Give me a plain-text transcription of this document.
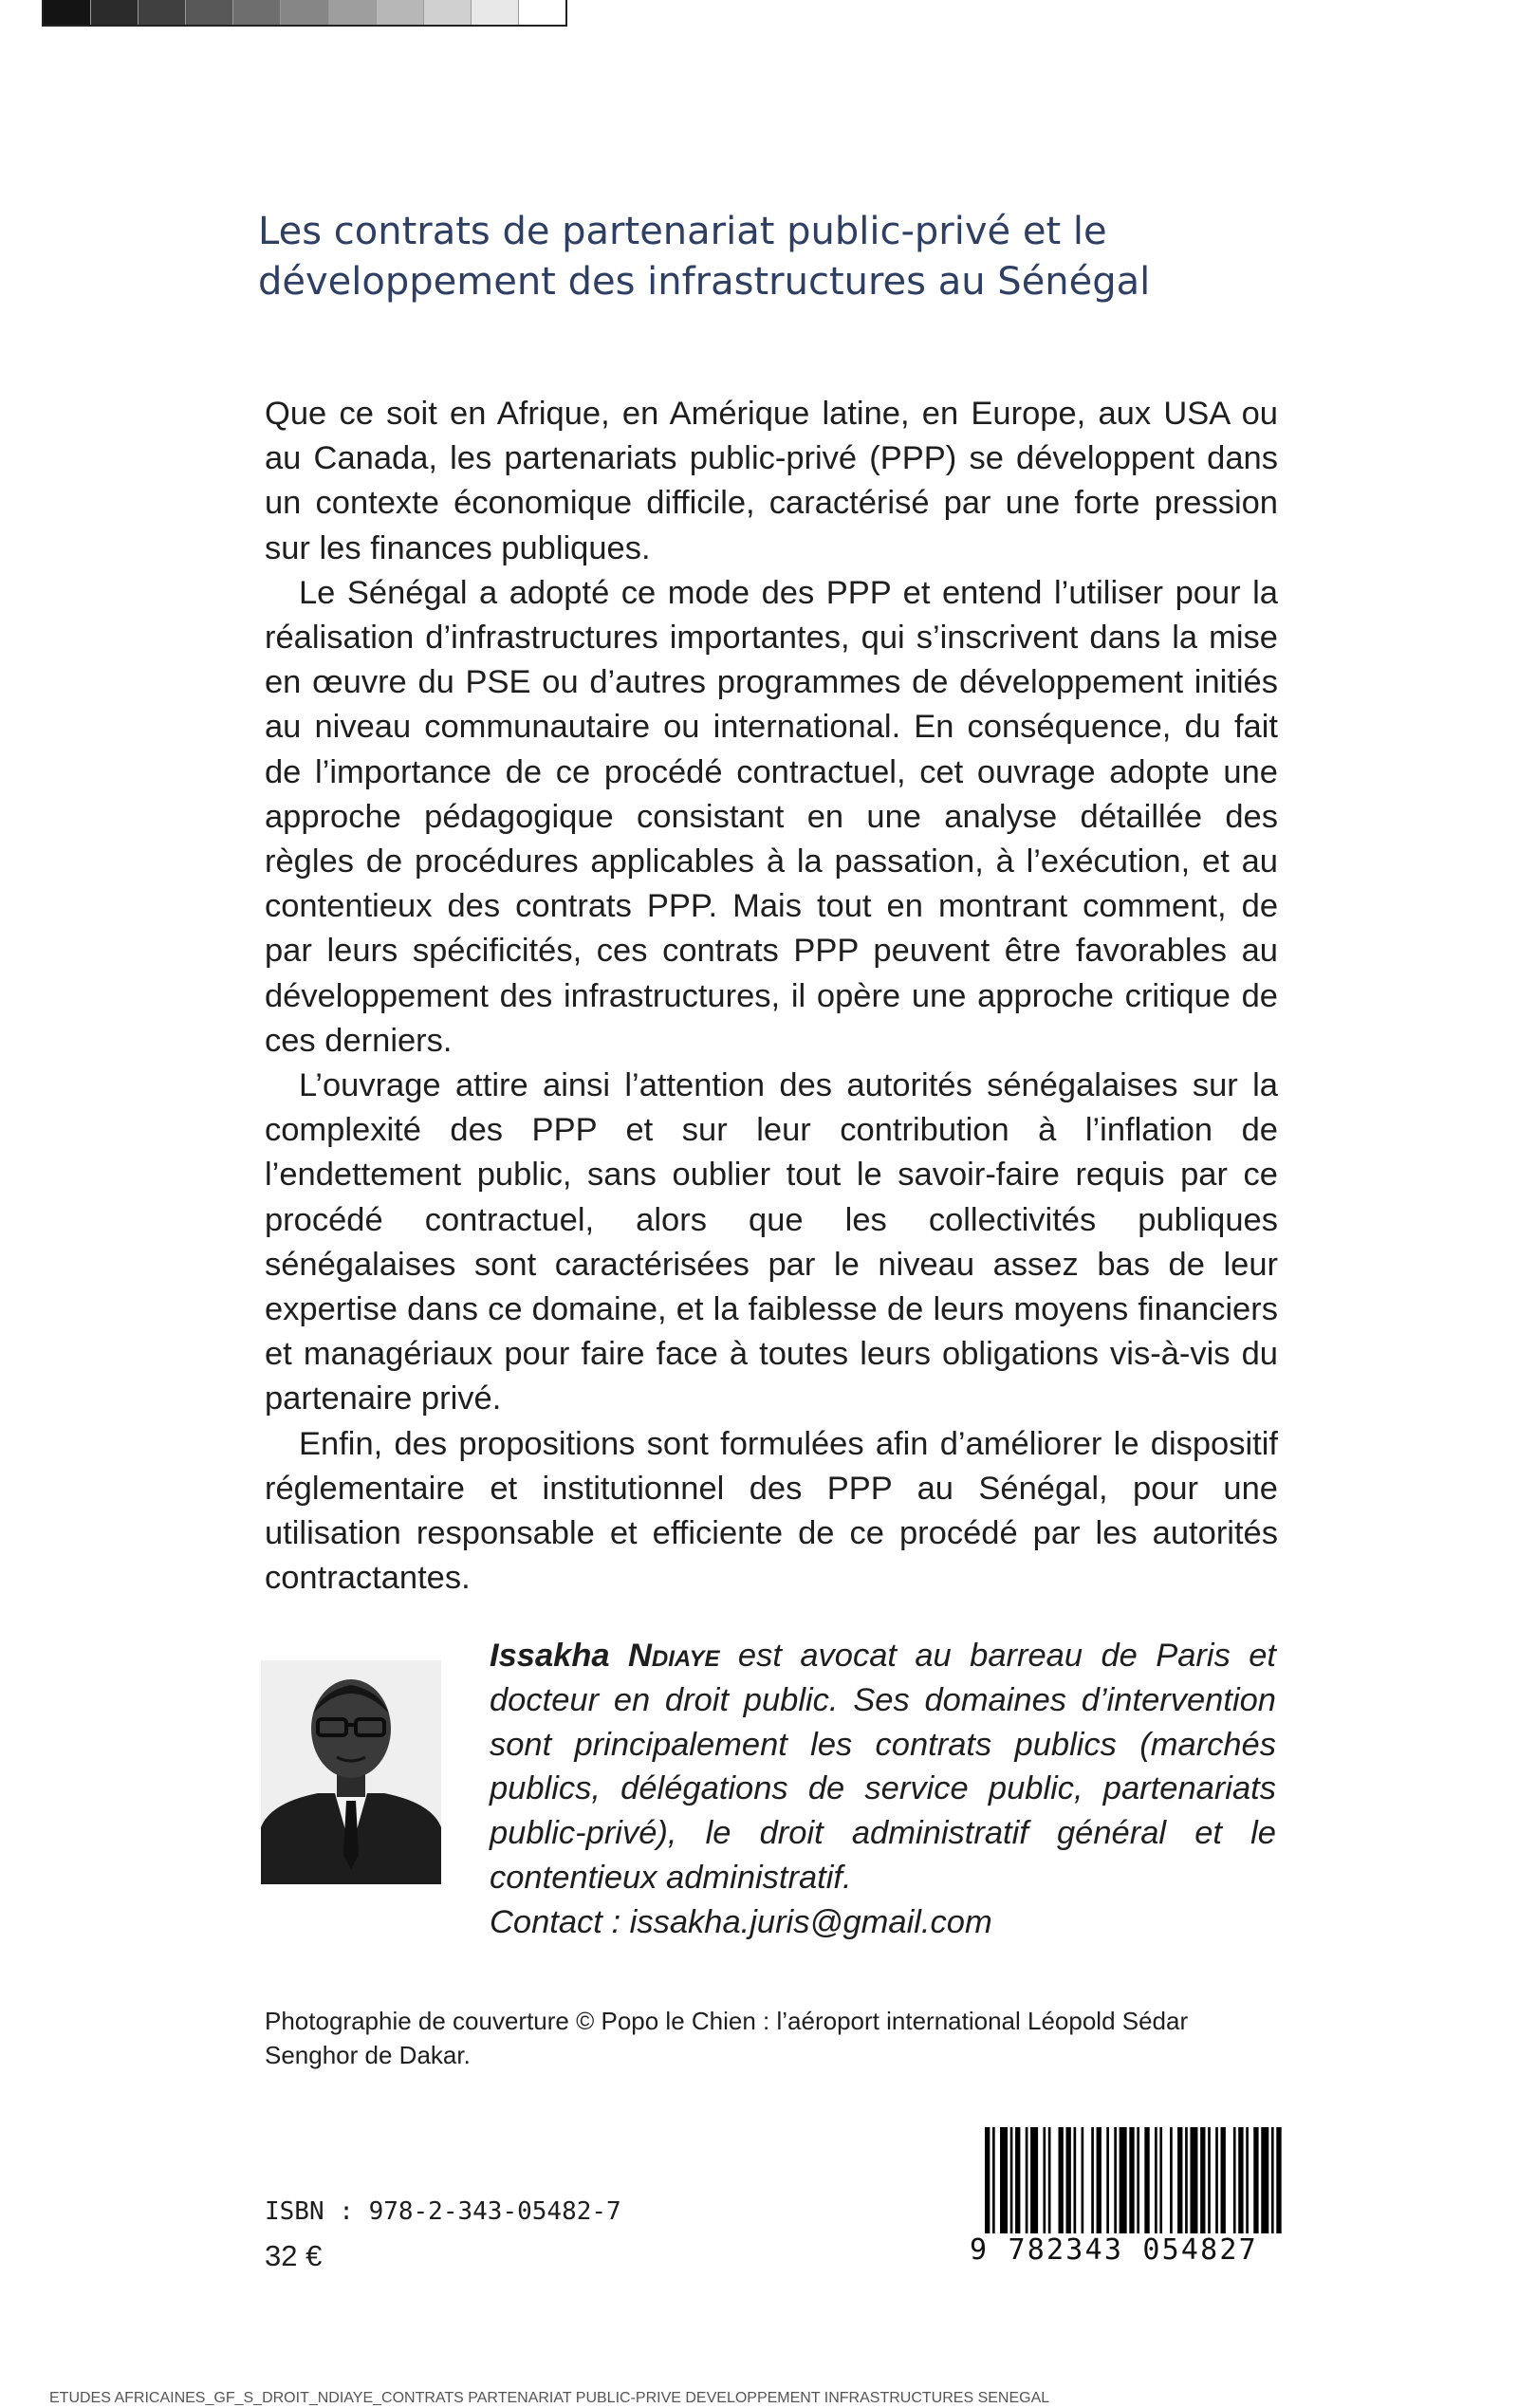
Les contrats de partenariat public-privé et le
développement des infrastructures au Sénégal

Que ce soit en Afrique, en Amérique latine, en Europe, aux USA ou au Canada, les partenariats public-privé (PPP) se développent dans un contexte économique difficile, caractérisé par une forte pression sur les finances publiques.

Le Sénégal a adopté ce mode des PPP et entend l’utiliser pour la réalisation d’infrastructures importantes, qui s’inscrivent dans la mise en œuvre du PSE ou d’autres programmes de développement initiés au niveau communautaire ou international. En conséquence, du fait de l’importance de ce procédé contractuel, cet ouvrage adopte une approche pédagogique consistant en une analyse détaillée des règles de procédures applicables à la passation, à l’exécution, et au contentieux des contrats PPP. Mais tout en montrant comment, de par leurs spécificités, ces contrats PPP peuvent être favorables au développement des infrastructures, il opère une approche critique de ces derniers.

L’ouvrage attire ainsi l’attention des autorités sénégalaises sur la complexité des PPP et sur leur contribution à l’inflation de l’endettement public, sans oublier tout le savoir-faire requis par ce procédé contractuel, alors que les collectivités publiques sénégalaises sont caractérisées par le niveau assez bas de leur expertise dans ce domaine, et la faiblesse de leurs moyens financiers et managériaux pour faire face à toutes leurs obligations vis-à-vis du partenaire privé.

Enfin, des propositions sont formulées afin d’améliorer le dispositif réglementaire et institutionnel des PPP au Sénégal, pour une utilisation responsable et efficiente de ce procédé par les autorités contractantes.

Issakha Ndiaye est avocat au barreau de Paris et docteur en droit public. Ses domaines d’intervention sont principalement les contrats publics (marchés publics, délégations de service public, partenariats public-privé), le droit administratif général et le contentieux administratif.
Contact : issakha.juris@gmail.com
Photographie de couverture © Popo le Chien : l’aéroport international Léopold Sédar Senghor de Dakar.
ISBN : 978-2-343-05482-7
32 €	9 782343 054827
ETUDES AFRICAINES_GF_S_DROIT_NDIAYE_CONTRATS PARTENARIAT PUBLIC-PRIVE DEVELOPPEMENT INFRASTRUCTURES SENEGAL
